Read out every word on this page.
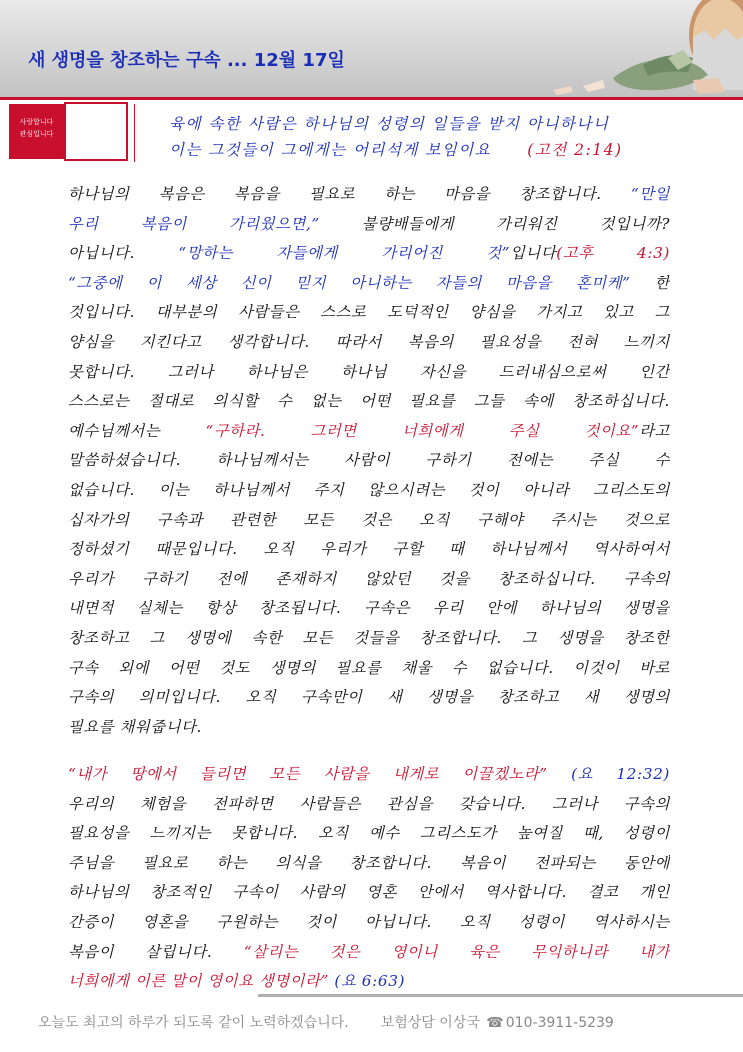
새 생명을 창조하는 구속 ... 12월 17일
사랑합니다
관심입니다
육에 속한 사람은 하나님의 성령의 일들을 받지 아니하나니
이는 그것들이 그에게는 어리석게 보임이요 (고전 2:14)
하나님의 복음은 복음을 필요로 하는 마음을 창조합니다. “만일
우리 복음이 가리웠으면,” 불량배들에게 가리워진 것입니까?
아닙니다. “망하는 자들에게 가리어진 것”입니다(고후 4:3)
“그중에 이 세상 신이 믿지 아니하는 자들의 마음을 혼미케” 한
것입니다. 대부분의 사람들은 스스로 도덕적인 양심을 가지고 있고 그
양심을 지킨다고 생각합니다. 따라서 복음의 필요성을 전혀 느끼지
못합니다. 그러나 하나님은 하나님 자신을 드러내심으로써 인간
스스로는 절대로 의식할 수 없는 어떤 필요를 그들 속에 창조하십니다.
예수님께서는 “구하라. 그러면 너희에게 주실 것이요”라고
말씀하셨습니다. 하나님께서는 사람이 구하기 전에는 주실 수
없습니다. 이는 하나님께서 주지 않으시려는 것이 아니라 그리스도의
십자가의 구속과 관련한 모든 것은 오직 구해야 주시는 것으로
정하셨기 때문입니다. 오직 우리가 구할 때 하나님께서 역사하여서
우리가 구하기 전에 존재하지 않았던 것을 창조하십니다. 구속의
내면적 실체는 항상 창조됩니다. 구속은 우리 안에 하나님의 생명을
창조하고 그 생명에 속한 모든 것들을 창조합니다. 그 생명을 창조한
구속 외에 어떤 것도 생명의 필요를 채울 수 없습니다. 이것이 바로
구속의 의미입니다. 오직 구속만이 새 생명을 창조하고 새 생명의
필요를 채워줍니다.
“내가 땅에서 들리면 모든 사람을 내게로 이끌겠노라” (요 12:32)
우리의 체험을 전파하면 사람들은 관심을 갖습니다. 그러나 구속의
필요성을 느끼지는 못합니다. 오직 예수 그리스도가 높여질 때, 성령이
주님을 필요로 하는 의식을 창조합니다. 복음이 전파되는 동안에
하나님의 창조적인 구속이 사람의 영혼 안에서 역사합니다. 결코 개인
간증이 영혼을 구원하는 것이 아닙니다. 오직 성령이 역사하시는
복음이 살립니다. “살리는 것은 영이니 육은 무익하니라 내가
너희에게 이른 말이 영이요 생명이라” (요 6:63)
오늘도 최고의 하루가 되도록 같이 노력하겠습니다. 보험상담 이상국 ☎ 010-3911-5239
